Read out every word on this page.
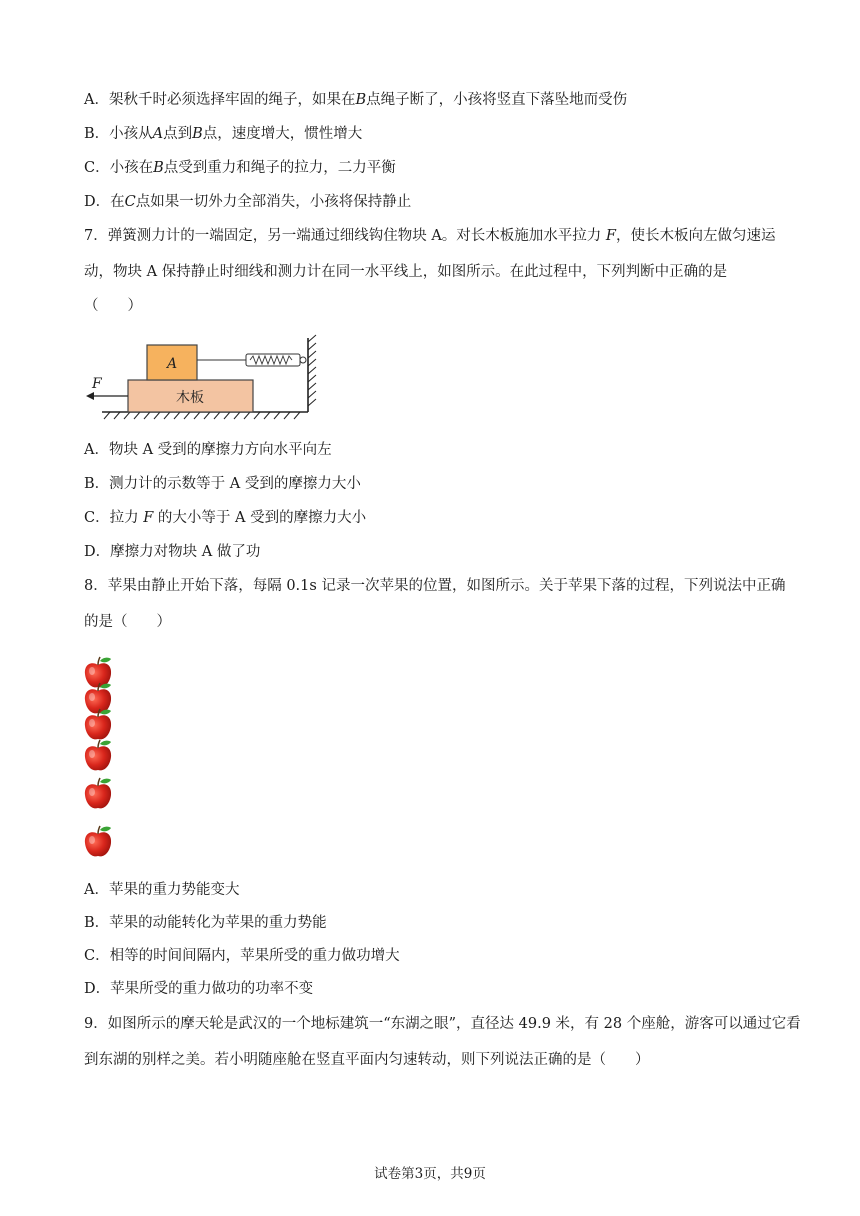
A．架秋千时必须选择牢固的绳子，如果在B点绳子断了，小孩将竖直下落坠地而受伤
B．小孩从A点到B点，速度增大，惯性增大
C．小孩在B点受到重力和绳子的拉力，二力平衡
D．在C点如果一切外力全部消失，小孩将保持静止
7．弹簧测力计的一端固定，另一端通过细线钩住物块 A。对长木板施加水平拉力 F，使长木板向左做匀速运动，物块 A 保持静止时细线和测力计在同一水平线上，如图所示。在此过程中，下列判断中正确的是
（　　）
木板
A
F
A．物块 A 受到的摩擦力方向水平向左
B．测力计的示数等于 A 受到的摩擦力大小
C．拉力 F 的大小等于 A 受到的摩擦力大小
D．摩擦力对物块 A 做了功
8．苹果由静止开始下落，每隔 0.1s 记录一次苹果的位置，如图所示。关于苹果下落的过程，下列说法中正确的是（　　）
A．苹果的重力势能变大
B．苹果的动能转化为苹果的重力势能
C．相等的时间间隔内，苹果所受的重力做功增大
D．苹果所受的重力做功的功率不变
9．如图所示的摩天轮是武汉的一个地标建筑一“东湖之眼”，直径达 49.9 米，有 28 个座舱，游客可以通过它看到东湖的别样之美。若小明随座舱在竖直平面内匀速转动，则下列说法正确的是（　　）
试卷第3页，共9页
